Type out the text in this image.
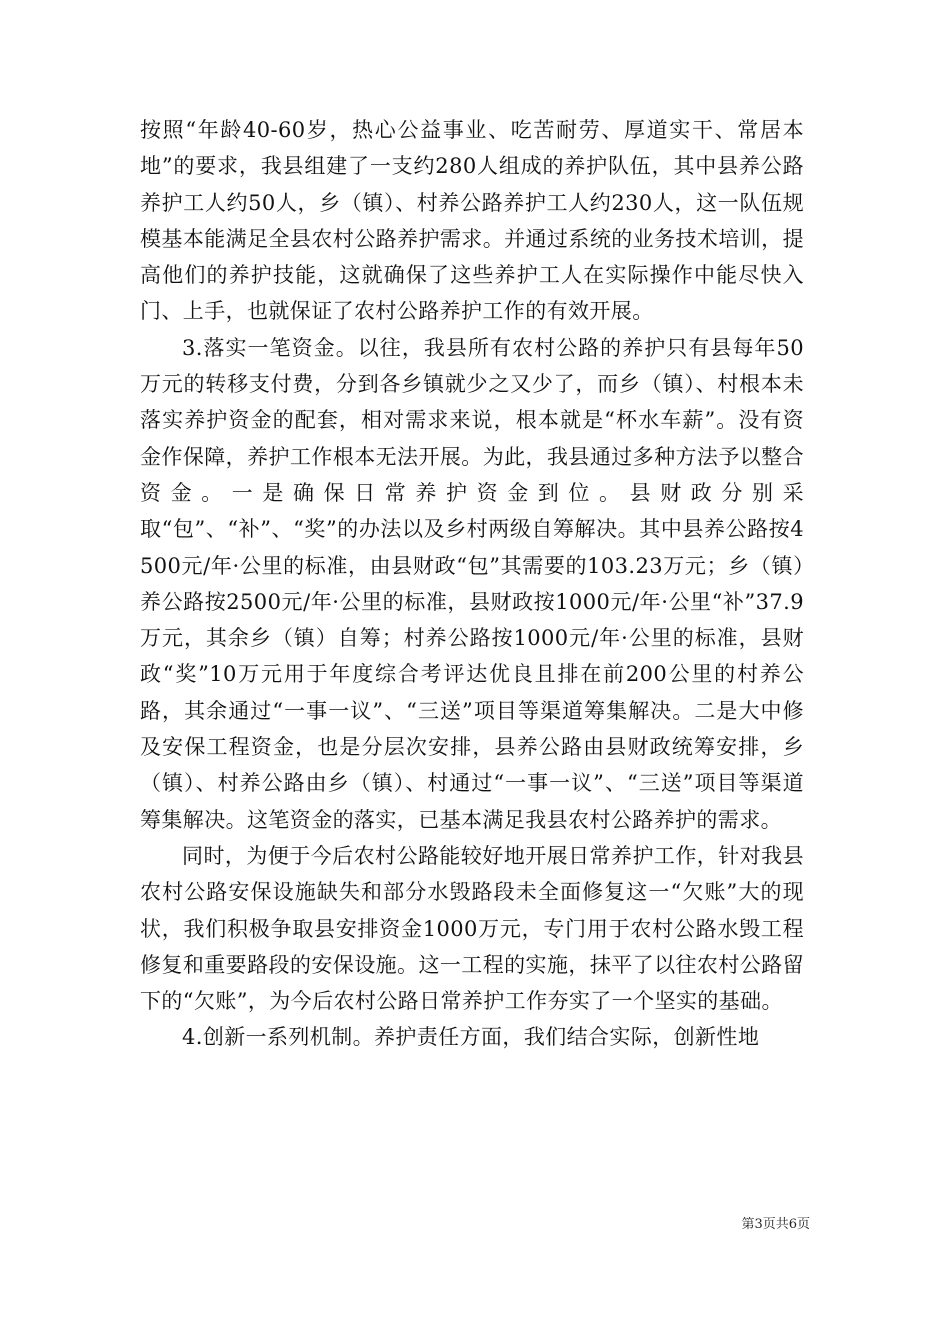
按照“年龄40-60岁，热心公益事业、吃苦耐劳、厚道实干、常居本地”的要求，我县组建了一支约280人组成的养护队伍，其中县养公路养护工人约50人，乡（镇）、村养公路养护工人约230人，这一队伍规模基本能满足全县农村公路养护需求。并通过系统的业务技术培训，提高他们的养护技能，这就确保了这些养护工人在实际操作中能尽快入门、上手，也就保证了农村公路养护工作的有效开展。

3.落实一笔资金。以往，我县所有农村公路的养护只有县每年50万元的转移支付费，分到各乡镇就少之又少了，而乡（镇）、村根本未落实养护资金的配套，相对需求来说，根本就是“杯水车薪”。没有资金作保障，养护工作根本无法开展。为此，我县通过多种方法予以整合资金。一是确保日常养护资金到位。县财政分别采取“包”、“补”、“奖”的办法以及乡村两级自筹解决。其中县养公路按4500元/年·公里的标准，由县财政“包”其需要的103.23万元；乡（镇）养公路按2500元/年·公里的标准，县财政按1000元/年·公里“补”37.9万元，其余乡（镇）自筹；村养公路按1000元/年·公里的标准，县财政“奖”10万元用于年度综合考评达优良且排在前200公里的村养公路，其余通过“一事一议”、“三送”项目等渠道筹集解决。二是大中修及安保工程资金，也是分层次安排，县养公路由县财政统筹安排，乡（镇）、村养公路由乡（镇）、村通过“一事一议”、“三送”项目等渠道筹集解决。这笔资金的落实，已基本满足我县农村公路养护的需求。

同时，为便于今后农村公路能较好地开展日常养护工作，针对我县农村公路安保设施缺失和部分水毁路段未全面修复这一“欠账”大的现状，我们积极争取县安排资金1000万元，专门用于农村公路水毁工程修复和重要路段的安保设施。这一工程的实施，抹平了以往农村公路留下的“欠账”，为今后农村公路日常养护工作夯实了一个坚实的基础。

4.创新一系列机制。养护责任方面，我们结合实际，创新性地

第3页共6页
